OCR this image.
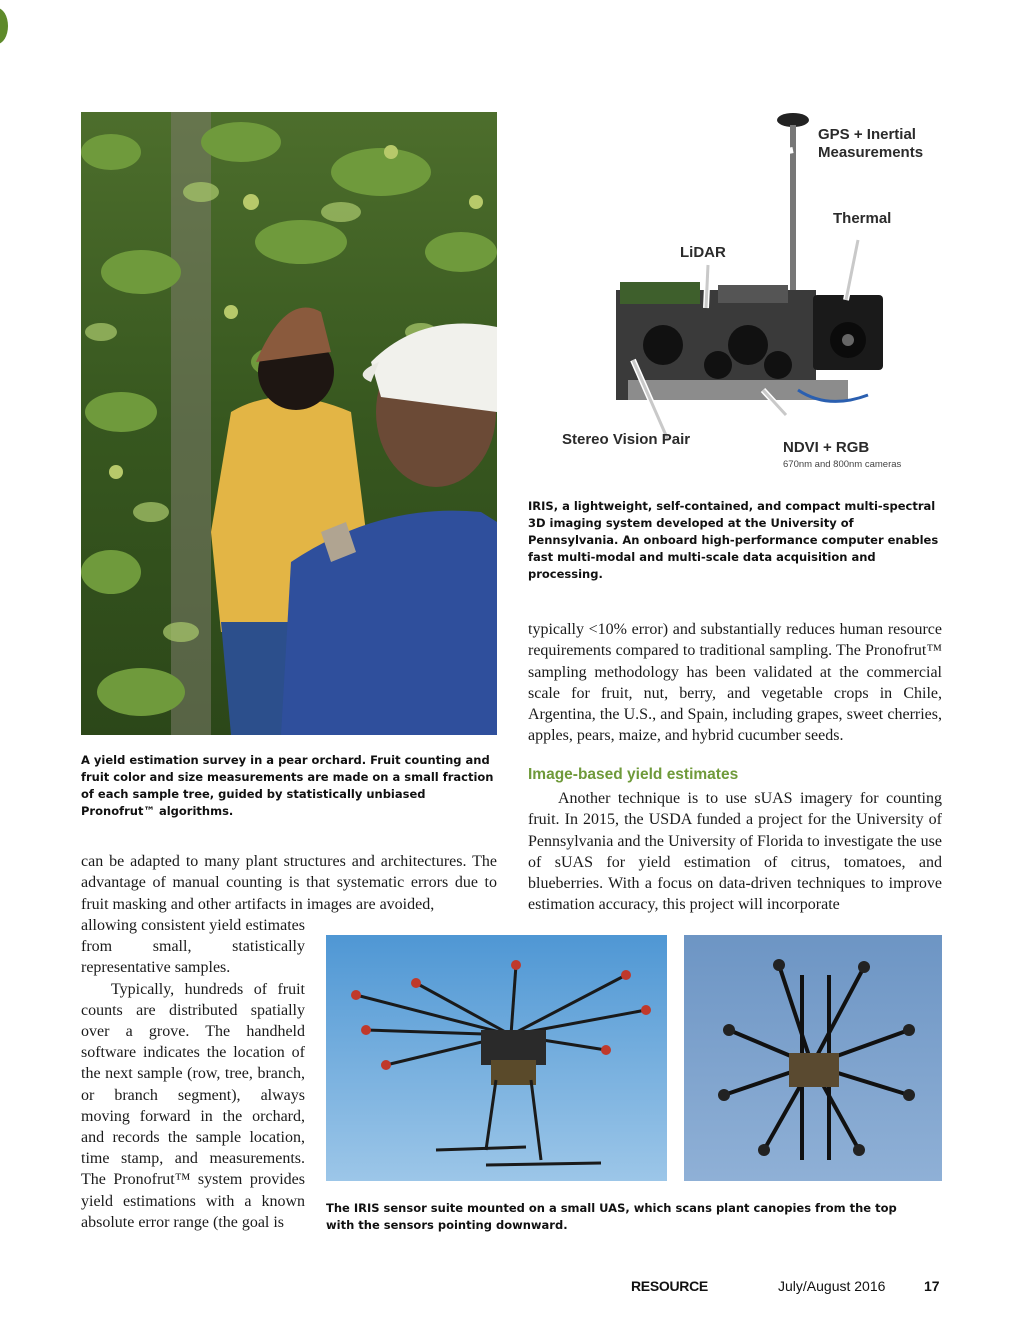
A yield estimation survey in a pear orchard. Fruit counting and fruit color and size measurements are made on a small fraction of each sample tree, guided by statistically unbiased Pronofrut™ algorithms.
GPS + Inertial Measurements
Thermal
LiDAR
Stereo Vision Pair	NDVI + RGB
670nm and 800nm cameras
IRIS, a lightweight, self-contained, and compact multi-spectral 3D imaging system developed at the University of Pennsylvania. An onboard high-performance computer enables fast multi-modal and multi-scale data acquisition and processing.

typically <10% error) and substantially reduces human resource requirements compared to traditional sampling. The Pronofrut™ sampling methodology has been validated at the commercial scale for fruit, nut, berry, and vegetable crops in Chile, Argentina, the U.S., and Spain, including grapes, sweet cherries, apples, pears, maize, and hybrid cucumber seeds.

Image-based yield estimates

Another technique is to use sUAS imagery for counting fruit. In 2015, the USDA funded a project for the University of Pennsylvania and the University of Florida to investigate the use of sUAS for yield estimation of citrus, tomatoes, and blueberries. With a focus on data-driven techniques to improve estimation accuracy, this project will incorporate

can be adapted to many plant structures and architectures. The advantage of manual counting is that systematic errors due to fruit masking and other artifacts in images are avoided,

allowing consistent yield estimates from small, statistically representative samples.

Typically, hundreds of fruit counts are distributed spatially over a grove. The handheld software indicates the location of the next sample (row, tree, branch, or branch segment), always moving forward in the orchard, and records the sample location, time stamp, and measurements. The Pronofrut™ system provides yield estimations with a known absolute error range (the goal is

The IRIS sensor suite mounted on a small UAS, which scans plant canopies from the top with the sensors pointing downward.
RESOURCE	July/August 2016	17
